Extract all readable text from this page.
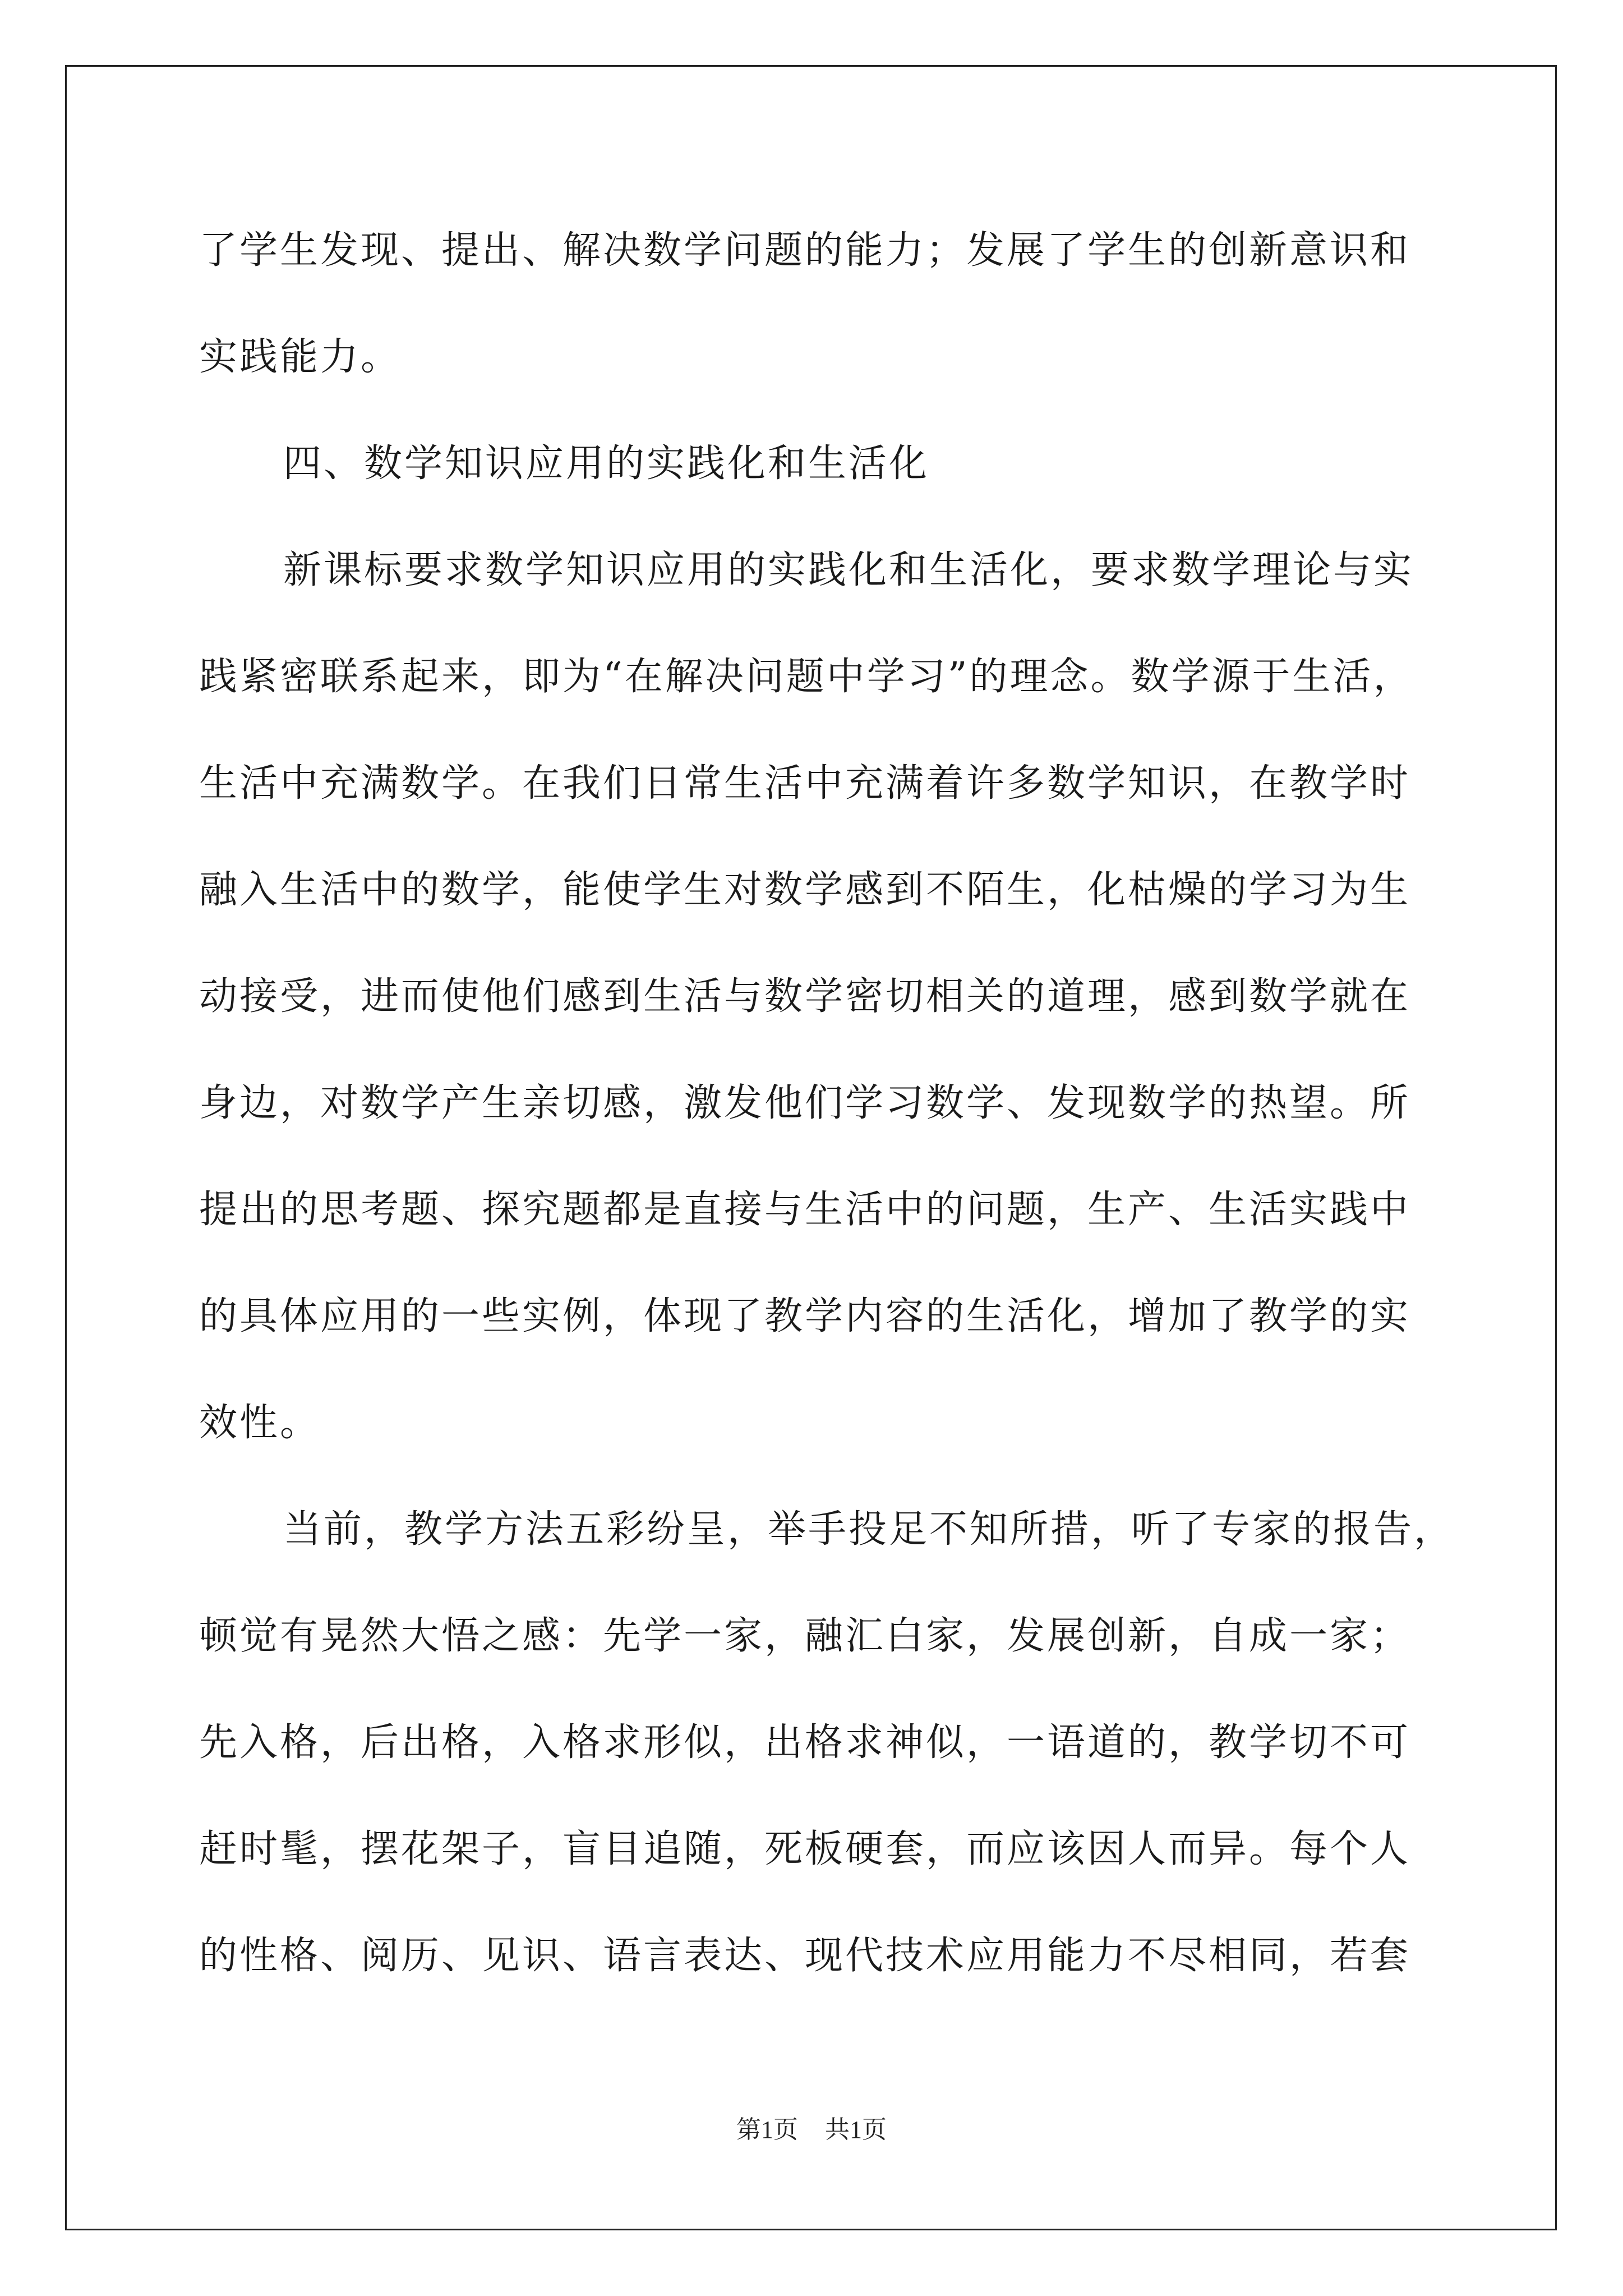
了学生发现、提出、解决数学问题的能力；发展了学生的创新意识和
实践能力。
四、数学知识应用的实践化和生活化
新课标要求数学知识应用的实践化和生活化，要求数学理论与实
践紧密联系起来，即为“在解决问题中学习”的理念。数学源于生活，
生活中充满数学。在我们日常生活中充满着许多数学知识，在教学时
融入生活中的数学，能使学生对数学感到不陌生，化枯燥的学习为生
动接受，进而使他们感到生活与数学密切相关的道理，感到数学就在
身边，对数学产生亲切感，激发他们学习数学、发现数学的热望。所
提出的思考题、探究题都是直接与生活中的问题，生产、生活实践中
的具体应用的一些实例，体现了教学内容的生活化，增加了教学的实
效性。
当前，教学方法五彩纷呈，举手投足不知所措，听了专家的报告，
顿觉有晃然大悟之感：先学一家，融汇白家，发展创新，自成一家；
先入格，后出格，入格求形似，出格求神似，一语道的，教学切不可
赶时髦，摆花架子，盲目追随，死板硬套，而应该因人而异。每个人
的性格、阅历、见识、语言表达、现代技术应用能力不尽相同，若套
第1页 共1页
